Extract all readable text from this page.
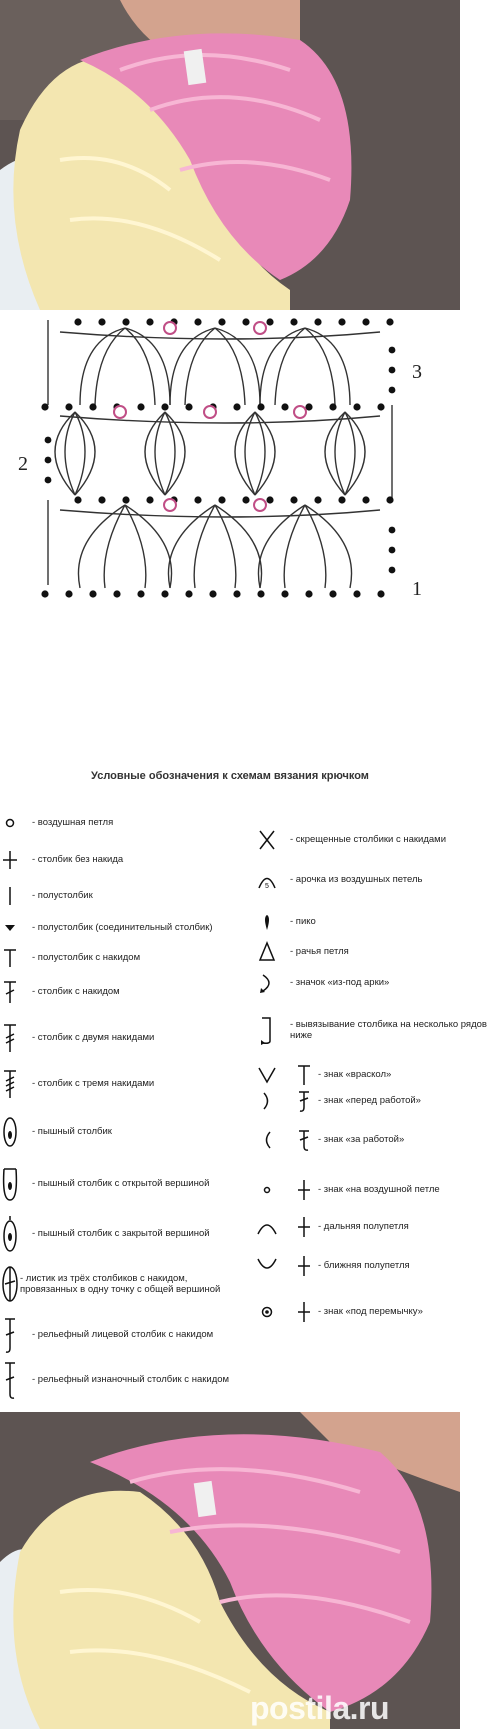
3
2
1
Условные обозначения к схемам вязания крючком
postila.ru
- воздушная петля
- столбик без накида
- полустолбик
- полустолбик (соединительный столбик)
- полустолбик с накидом
- столбик с накидом
- столбик с двумя накидами
- столбик с тремя накидами
- пышный столбик
- пышный столбик с открытой вершиной
- пышный столбик с закрытой вершиной
- листик из трёх столбиков с накидом, провязанных в одну точку с общей вершиной
- рельефный лицевой столбик с накидом
- рельефный изнаночный столбик с накидом
- скрещенные столбики с накидами
5
- арочка из воздушных петель
- пико
- рачья петля
- значок «из-под арки»
- вывязывание столбика на несколько рядов ниже
- знак «враскол»
- знак «перед работой»
- знак «за работой»
- знак «на воздушной петле
- дальняя полупетля
- ближняя полупетля
- знак «под перемычку»
